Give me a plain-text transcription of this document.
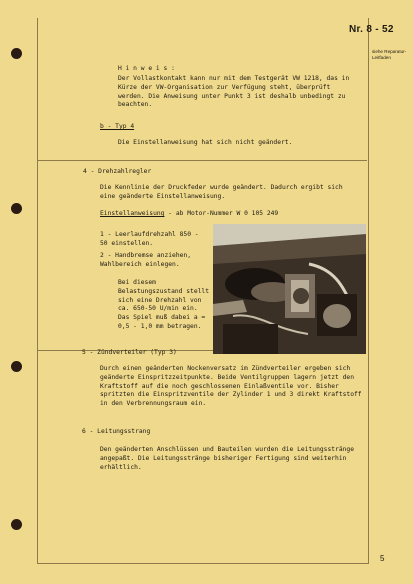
Nr. 8 - 52
siehe Reparatur-Leitfaden
H i n w e i s :
Der Vollastkontakt kann nur mit dem Testgerät VW 1218, das in Kürze der VW-Organisation zur Verfügung steht, überprüft werden. Die Anweisung unter Punkt 3 ist deshalb unbedingt zu beachten.
b - Typ 4
Die Einstellanweisung hat sich nicht geändert.
4 - Drehzahlregler
Die Kennlinie der Druckfeder wurde geändert. Dadurch ergibt sich eine geänderte Einstellanweisung.
Einstellanweisung - ab Motor-Nummer W 0 105 249
1 - Leerlaufdrehzahl 850 - 50 einstellen.
2 - Handbremse anziehen, Wahlbereich einlegen.
Bei diesem Belastungszustand stellt sich eine Drehzahl von ca. 650-50 U/min ein. Das Spiel muß dabei a = 0,5 - 1,0 mm betragen.
5 - Zündverteiler (Typ 3)
Durch einen geänderten Nockenversatz im Zündverteiler ergeben sich geänderte Einspritzzeitpunkte. Beide Ventilgruppen lagern jetzt den Kraftstoff auf die noch geschlossenen Einlaßventile vor. Bisher spritzten die Einspritzventile der Zylinder 1 und 3 direkt Kraftstoff in den Verbrennungsraum ein.
6 - Leitungsstrang
Den geänderten Anschlüssen und Bauteilen wurden die Leitungsstränge angepaßt. Die Leitungsstränge bisheriger Fertigung sind weiterhin erhältlich.
5
